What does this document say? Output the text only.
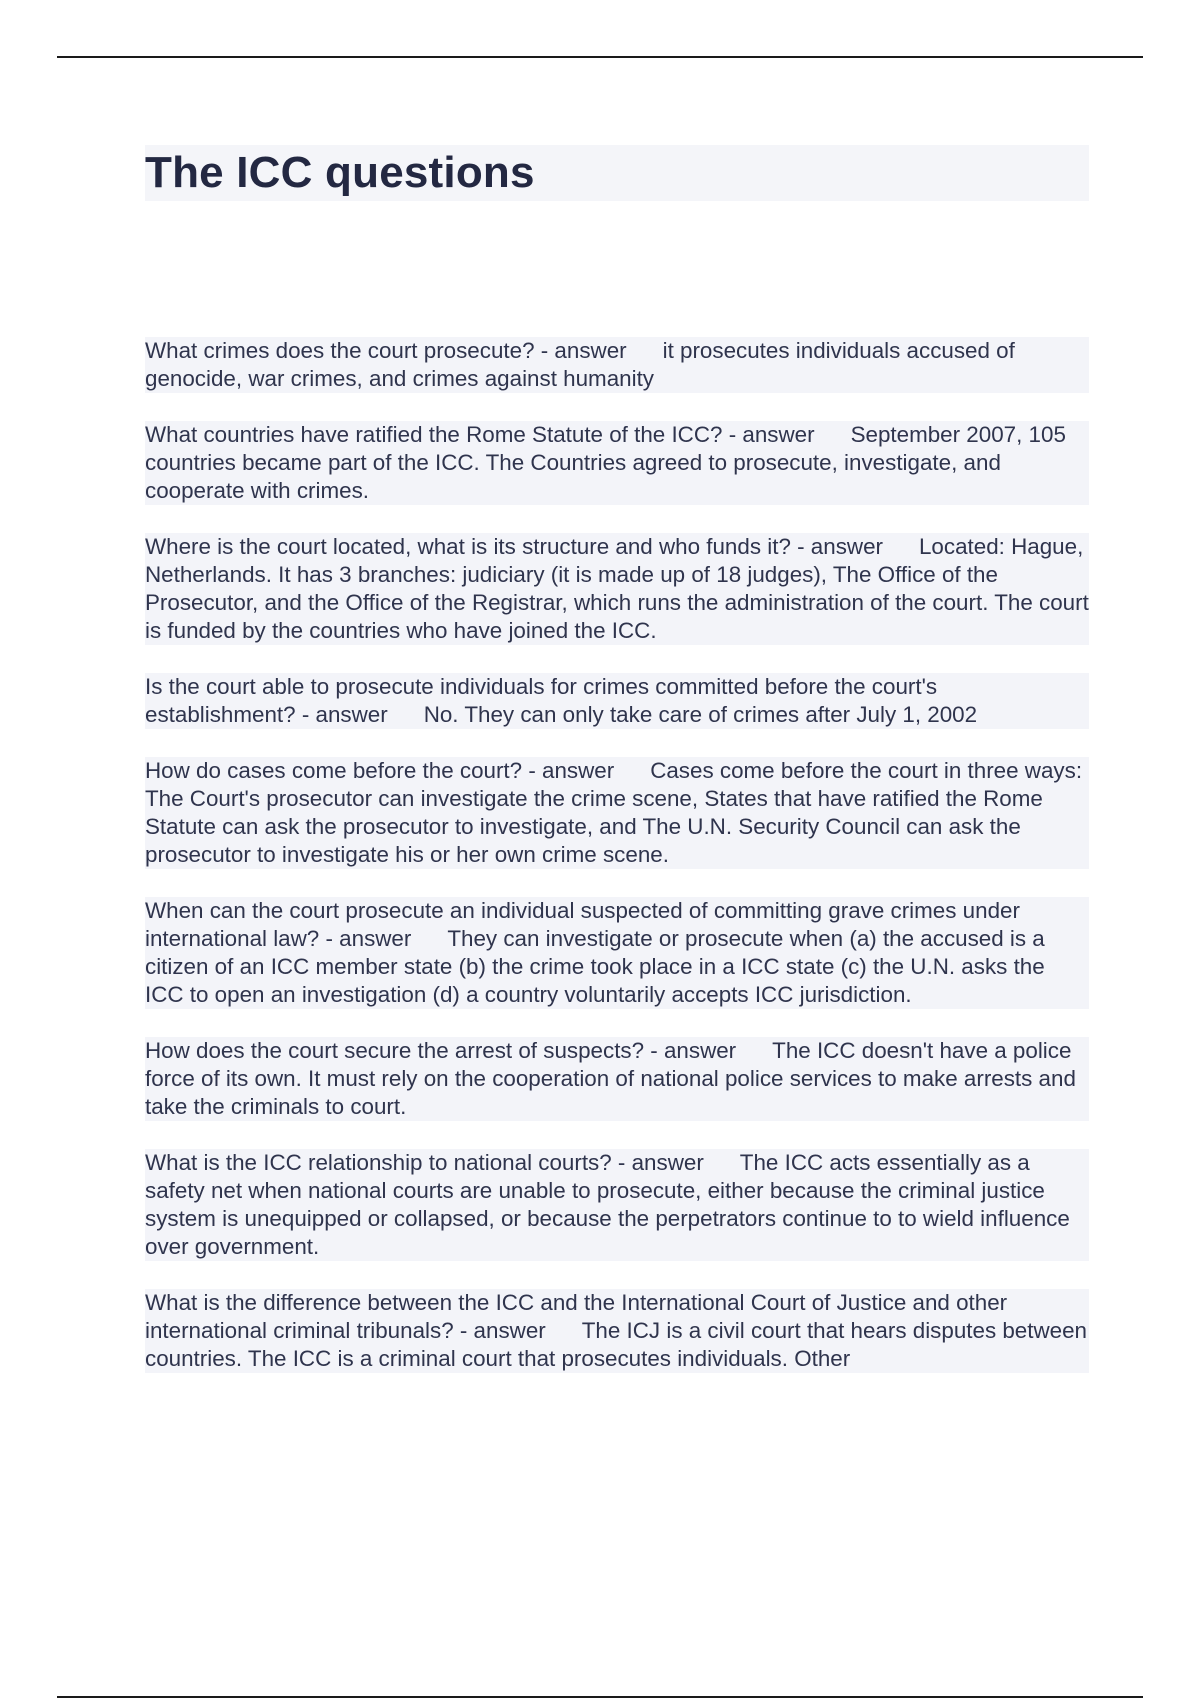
The ICC questions

What crimes does the court prosecute? - answer it prosecutes individuals accused of genocide, war crimes, and crimes against humanity

What countries have ratified the Rome Statute of the ICC? - answer September 2007, 105 countries became part of the ICC. The Countries agreed to prosecute, investigate, and cooperate with crimes.

Where is the court located, what is its structure and who funds it? - answer Located: Hague, Netherlands. It has 3 branches: judiciary (it is made up of 18 judges), The Office of the Prosecutor, and the Office of the Registrar, which runs the administration of the court. The court is funded by the countries who have joined the ICC.

Is the court able to prosecute individuals for crimes committed before the court's establishment? - answer No. They can only take care of crimes after July 1, 2002

How do cases come before the court? - answer Cases come before the court in three ways: The Court's prosecutor can investigate the crime scene, States that have ratified the Rome Statute can ask the prosecutor to investigate, and The U.N. Security Council can ask the prosecutor to investigate his or her own crime scene.

When can the court prosecute an individual suspected of committing grave crimes under international law? - answer They can investigate or prosecute when (a) the accused is a citizen of an ICC member state (b) the crime took place in a ICC state (c) the U.N. asks the ICC to open an investigation (d) a country voluntarily accepts ICC jurisdiction.

How does the court secure the arrest of suspects? - answer The ICC doesn't have a police force of its own. It must rely on the cooperation of national police services to make arrests and take the criminals to court.

What is the ICC relationship to national courts? - answer The ICC acts essentially as a safety net when national courts are unable to prosecute, either because the criminal justice system is unequipped or collapsed, or because the perpetrators continue to to wield influence over government.

What is the difference between the ICC and the International Court of Justice and other international criminal tribunals? - answer The ICJ is a civil court that hears disputes between countries. The ICC is a criminal court that prosecutes individuals. Other
